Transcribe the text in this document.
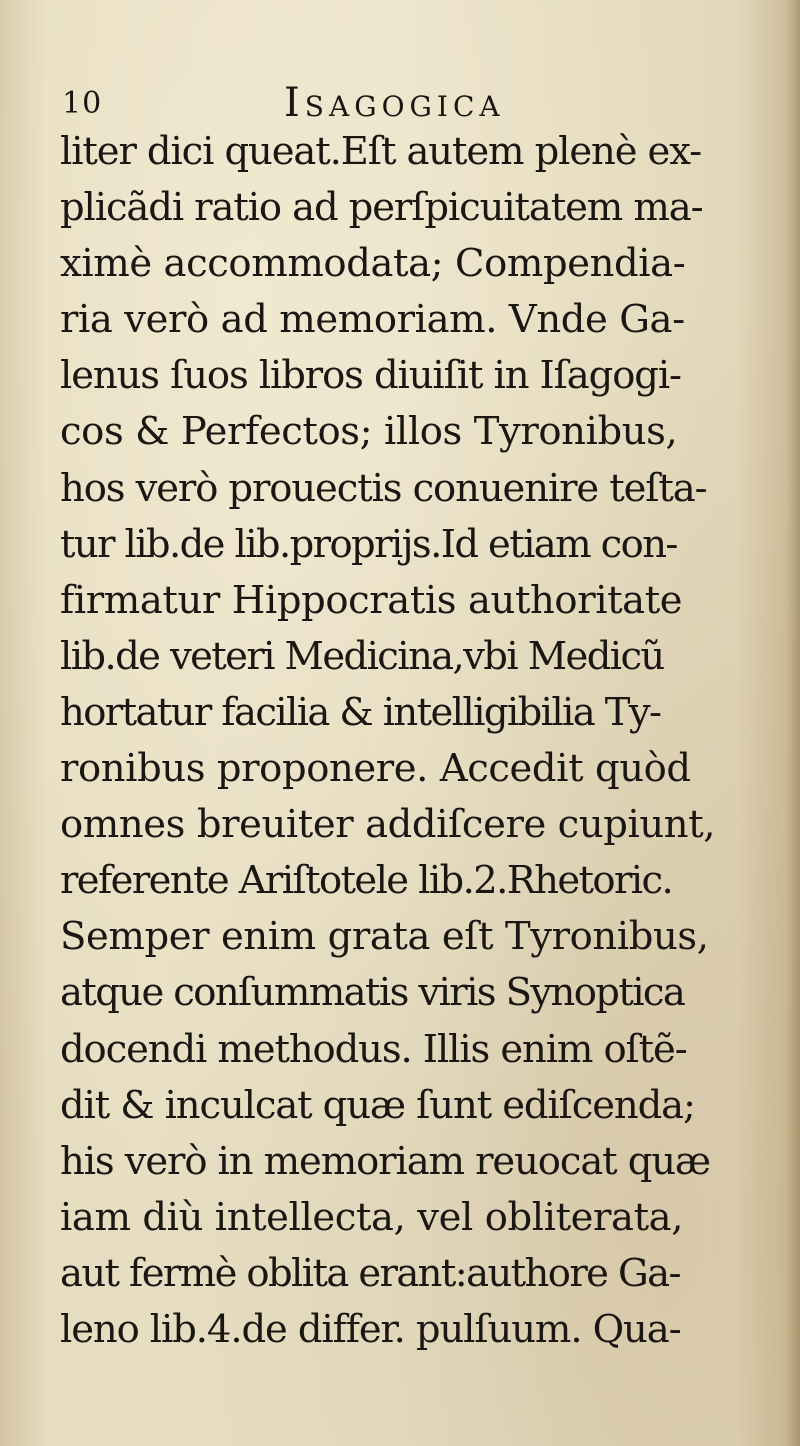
10	Isagogica
liter dici queat.Eſt autem plenè ex-
plicãdi ratio ad perſpicuitatem ma-
ximè accommodata; Compendia-
ria verò ad memoriam. Vnde Ga-
lenus ſuos libros diuiſit in Iſagogi-
cos & Perfectos; illos Tyronibus,
hos verò prouectis conuenire teſta-
tur lib.de lib.proprijs.Id etiam con-
firmatur Hippocratis authoritate
lib.de veteri Medicina,vbi Medicũ
hortatur facilia & intelligibilia Ty-
ronibus proponere. Accedit quòd
omnes breuiter addiſcere cupiunt,
referente Ariſtotele lib.2.Rhetoric.
Semper enim grata eſt Tyronibus,
atque conſummatis viris Synoptica
docendi methodus. Illis enim oſtẽ-
dit & inculcat quæ ſunt ediſcenda;
his verò in memoriam reuocat quæ
iam diù intellecta, vel obliterata,
aut fermè oblita erant:authore Ga-
leno lib.4.de differ. pulſuum. Qua-
